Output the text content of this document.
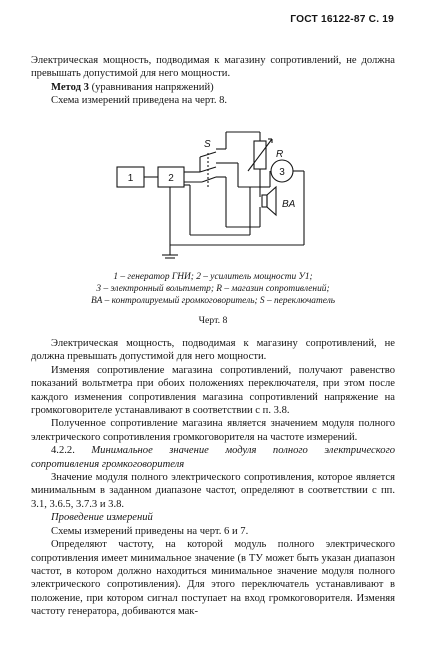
ГОСТ 16122-87 С. 19

Электрическая мощность, подводимая к магазину сопротивлений, не должна превышать допустимой для него мощности.

Метод 3 (уравнивания напряжений)

Схема измерений приведена на черт. 8.

1	2
3
S
R
BA
1 – генератор ГНИ; 2 – усилитель мощности У1;
3 – электронный вольтметр; R – магазин сопротивлений;
BA – контролируемый громкоговоритель; S – переключатель
Черт. 8

Электрическая мощность, подводимая к магазину сопротивлений, не должна превышать допустимой для него мощности.

Изменяя сопротивление магазина сопротивлений, получают равенство показаний вольтметра при обоих положениях переключателя, при этом после каждого изменения сопротивления магазина сопротивлений напряжение на громкоговорителе устанавливают в соответствии с п. 3.8.

Полученное сопротивление магазина является значением модуля полного электрического сопротивления громкоговорителя на частоте измерений.

4.2.2. Минимальное значение модуля полного электрического сопротивления громкоговорителя

Значение модуля полного электрического сопротивления, которое является минимальным в заданном диапазоне частот, определяют в соответствии с пп. 3.1, 3.6.5, 3.7.3 и 3.8.

Проведение измерений

Схемы измерений приведены на черт. 6 и 7.

Определяют частоту, на которой модуль полного электрического сопротивления имеет минимальное значение (в ТУ может быть указан диапазон частот, в котором должно находиться минимальное значение модуля полного электрического сопротивления). Для этого переключатель устанавливают в положение, при котором сигнал поступает на вход громкоговорителя. Изменяя частоту генератора, добиваются мак-
